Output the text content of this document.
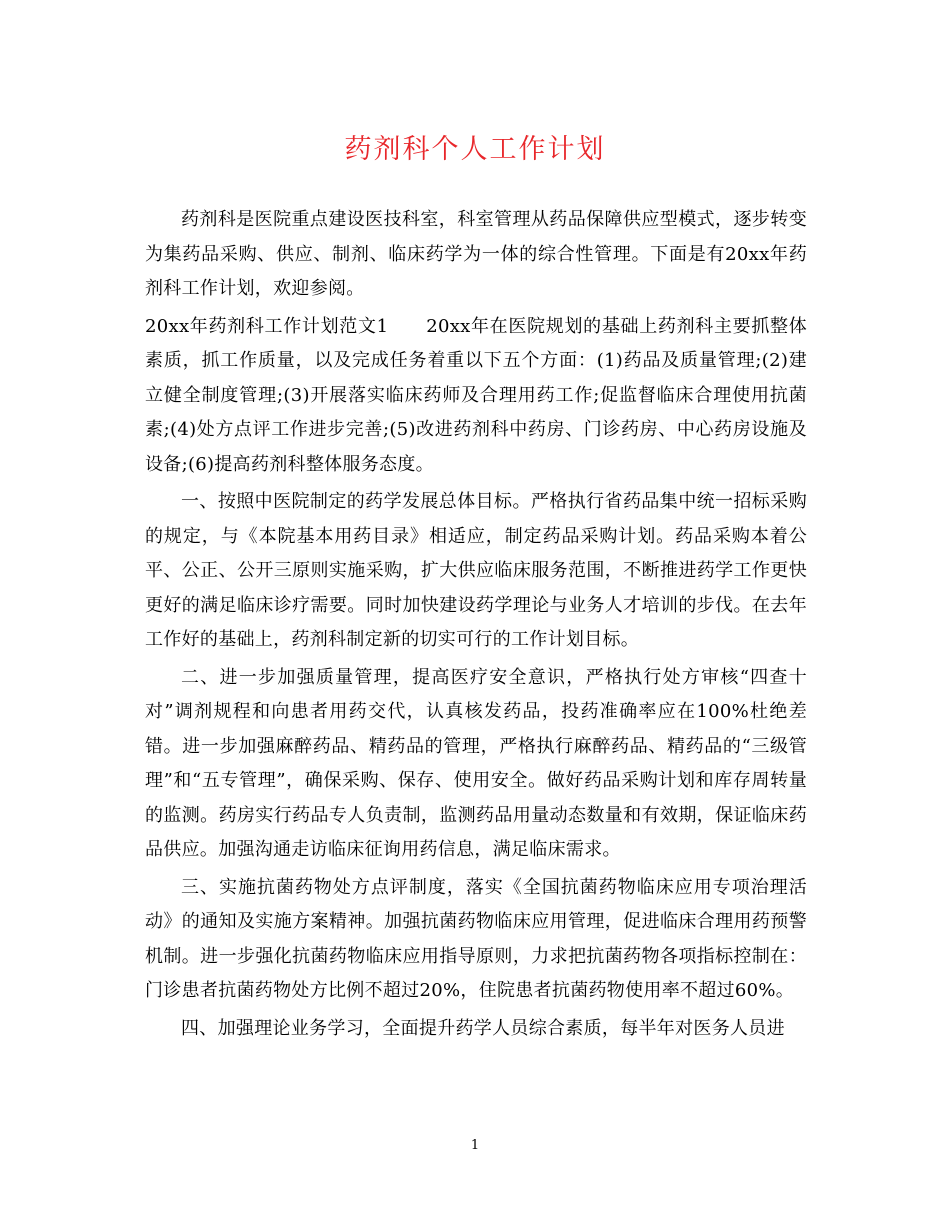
药剂科个人工作计划

药剂科是医院重点建设医技科室，科室管理从药品保障供应型模式，逐步转变为集药品采购、供应、制剂、临床药学为一体的综合性管理。下面是有20xx年药剂科工作计划，欢迎参阅。

20xx年药剂科工作计划范文1　　20xx年在医院规划的基础上药剂科主要抓整体素质，抓工作质量，以及完成任务着重以下五个方面：(1)药品及质量管理;(2)建立健全制度管理;(3)开展落实临床药师及合理用药工作;促监督临床合理使用抗菌素;(4)处方点评工作进步完善;(5)改进药剂科中药房、门诊药房、中心药房设施及设备;(6)提高药剂科整体服务态度。

一、按照中医院制定的药学发展总体目标。严格执行省药品集中统一招标采购的规定，与《本院基本用药目录》相适应，制定药品采购计划。药品采购本着公平、公正、公开三原则实施采购，扩大供应临床服务范围，不断推进药学工作更快更好的满足临床诊疗需要。同时加快建设药学理论与业务人才培训的步伐。在去年工作好的基础上，药剂科制定新的切实可行的工作计划目标。

二、进一步加强质量管理，提高医疗安全意识，严格执行处方审核“四查十对”调剂规程和向患者用药交代，认真核发药品，投药准确率应在100%杜绝差错。进一步加强麻醉药品、精药品的管理，严格执行麻醉药品、精药品的“三级管理”和“五专管理”，确保采购、保存、使用安全。做好药品采购计划和库存周转量的监测。药房实行药品专人负责制，监测药品用量动态数量和有效期，保证临床药品供应。加强沟通走访临床征询用药信息，满足临床需求。

三、实施抗菌药物处方点评制度，落实《全国抗菌药物临床应用专项治理活动》的通知及实施方案精神。加强抗菌药物临床应用管理，促进临床合理用药预警机制。进一步强化抗菌药物临床应用指导原则，力求把抗菌药物各项指标控制在：门诊患者抗菌药物处方比例不超过20%，住院患者抗菌药物使用率不超过60%。

四、加强理论业务学习，全面提升药学人员综合素质，每半年对医务人员进

1
